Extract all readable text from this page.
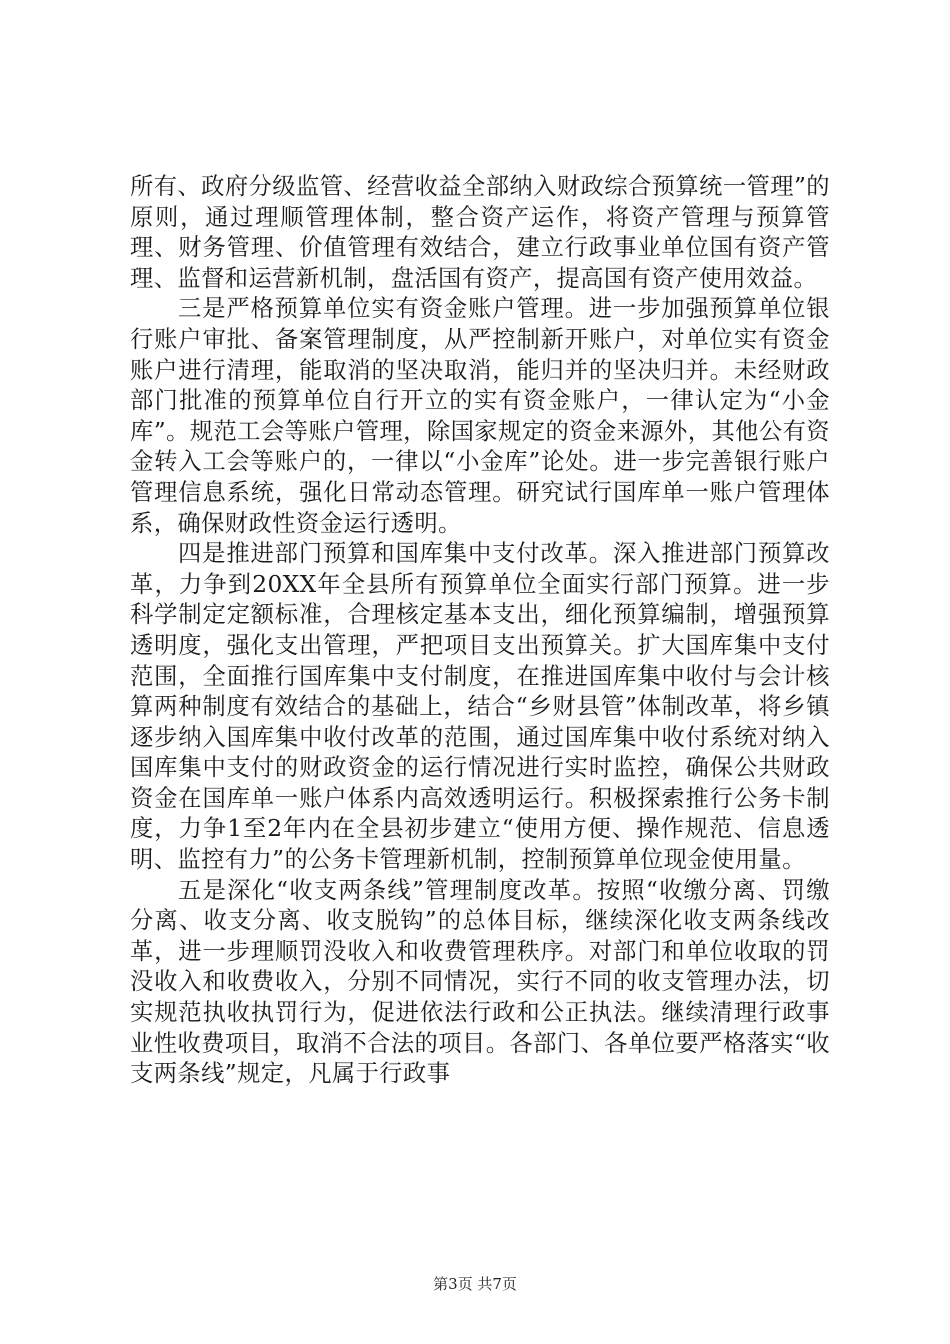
所有、政府分级监管、经营收益全部纳入财政综合预算统一管理”的原则，通过理顺管理体制，整合资产运作，将资产管理与预算管理、财务管理、价值管理有效结合，建立行政事业单位国有资产管理、监督和运营新机制，盘活国有资产，提高国有资产使用效益。

三是严格预算单位实有资金账户管理。进一步加强预算单位银行账户审批、备案管理制度，从严控制新开账户，对单位实有资金账户进行清理，能取消的坚决取消，能归并的坚决归并。未经财政部门批准的预算单位自行开立的实有资金账户，一律认定为“小金库”。规范工会等账户管理，除国家规定的资金来源外，其他公有资金转入工会等账户的，一律以“小金库”论处。进一步完善银行账户管理信息系统，强化日常动态管理。研究试行国库单一账户管理体系，确保财政性资金运行透明。

四是推进部门预算和国库集中支付改革。深入推进部门预算改革，力争到20XX年全县所有预算单位全面实行部门预算。进一步科学制定定额标准，合理核定基本支出，细化预算编制，增强预算透明度，强化支出管理，严把项目支出预算关。扩大国库集中支付范围，全面推行国库集中支付制度，在推进国库集中收付与会计核算两种制度有效结合的基础上，结合“乡财县管”体制改革，将乡镇逐步纳入国库集中收付改革的范围，通过国库集中收付系统对纳入国库集中支付的财政资金的运行情况进行实时监控，确保公共财政资金在国库单一账户体系内高效透明运行。积极探索推行公务卡制度，力争1至2年内在全县初步建立“使用方便、操作规范、信息透明、监控有力”的公务卡管理新机制，控制预算单位现金使用量。

五是深化“收支两条线”管理制度改革。按照“收缴分离、罚缴分离、收支分离、收支脱钩”的总体目标，继续深化收支两条线改革，进一步理顺罚没收入和收费管理秩序。对部门和单位收取的罚没收入和收费收入，分别不同情况，实行不同的收支管理办法，切实规范执收执罚行为，促进依法行政和公正执法。继续清理行政事业性收费项目，取消不合法的项目。各部门、各单位要严格落实“收支两条线”规定，凡属于行政事

第3页 共7页
